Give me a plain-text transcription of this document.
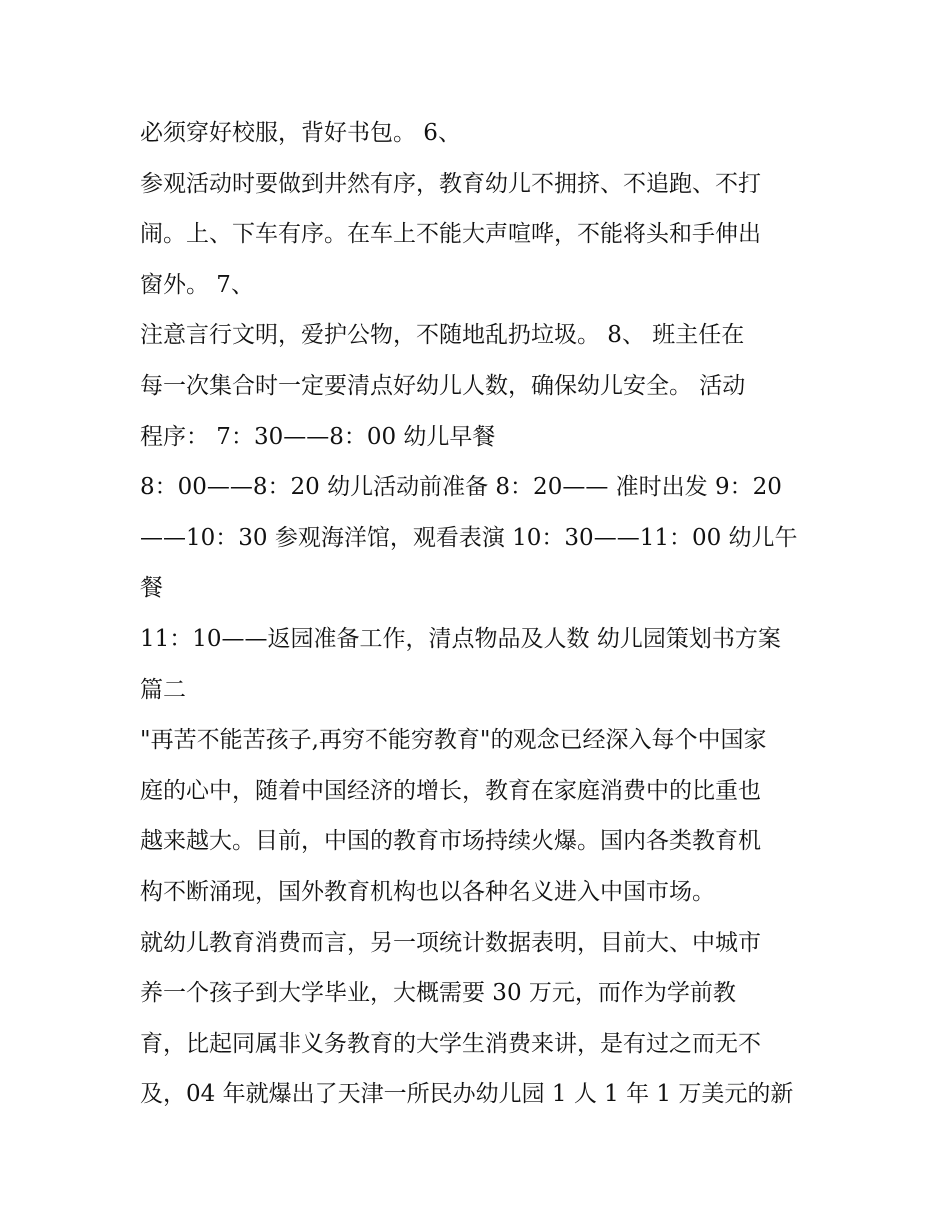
必须穿好校服，背好书包。 6、
参观活动时要做到井然有序，教育幼儿不拥挤、不追跑、不打
闹。上、下车有序。在车上不能大声喧哗，不能将头和手伸出
窗外。 7、
注意言行文明，爱护公物，不随地乱扔垃圾。 8、 班主任在
每一次集合时一定要清点好幼儿人数，确保幼儿安全。 活动
程序： 7：30——8：00 幼儿早餐
8：00——8：20 幼儿活动前准备 8：20—— 准时出发 9：20
——10：30 参观海洋馆，观看表演 10：30——11：00 幼儿午
餐
11：10——返园准备工作，清点物品及人数 幼儿园策划书方案
篇二
"再苦不能苦孩子,再穷不能穷教育"的观念已经深入每个中国家
庭的心中，随着中国经济的增长，教育在家庭消费中的比重也
越来越大。目前，中国的教育市场持续火爆。国内各类教育机
构不断涌现，国外教育机构也以各种名义进入中国市场。
就幼儿教育消费而言，另一项统计数据表明，目前大、中城市
养一个孩子到大学毕业，大概需要 30 万元，而作为学前教
育，比起同属非义务教育的大学生消费来讲，是有过之而无不
及，04 年就爆出了天津一所民办幼儿园 1 人 1 年 1 万美元的新
